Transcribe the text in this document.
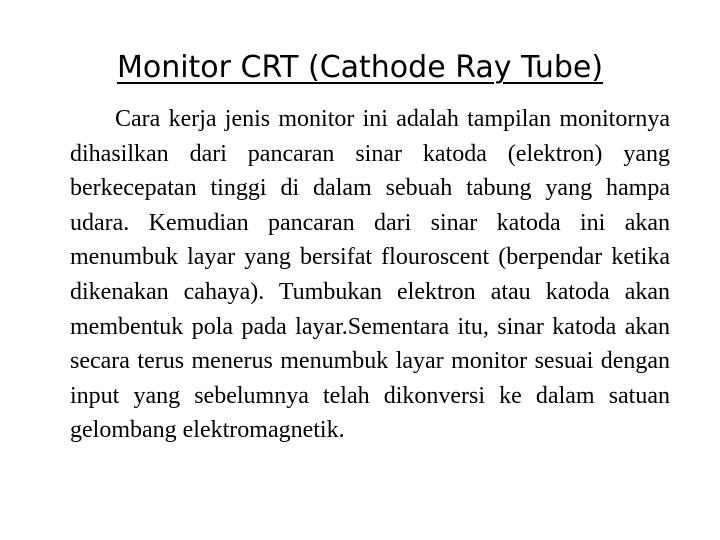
Monitor CRT (Cathode Ray Tube)

Cara kerja jenis monitor ini adalah tampilan monitornya dihasilkan dari pancaran sinar katoda (elektron) yang berkecepatan tinggi di dalam sebuah tabung yang hampa udara. Kemudian pancaran dari sinar katoda ini akan menumbuk layar yang bersifat flouroscent (berpendar ketika dikenakan cahaya). Tumbukan elektron atau katoda akan membentuk pola pada layar.Sementara itu, sinar katoda akan secara terus menerus menumbuk layar monitor sesuai dengan input yang sebelumnya telah dikonversi ke dalam satuan gelombang elektromagnetik.
